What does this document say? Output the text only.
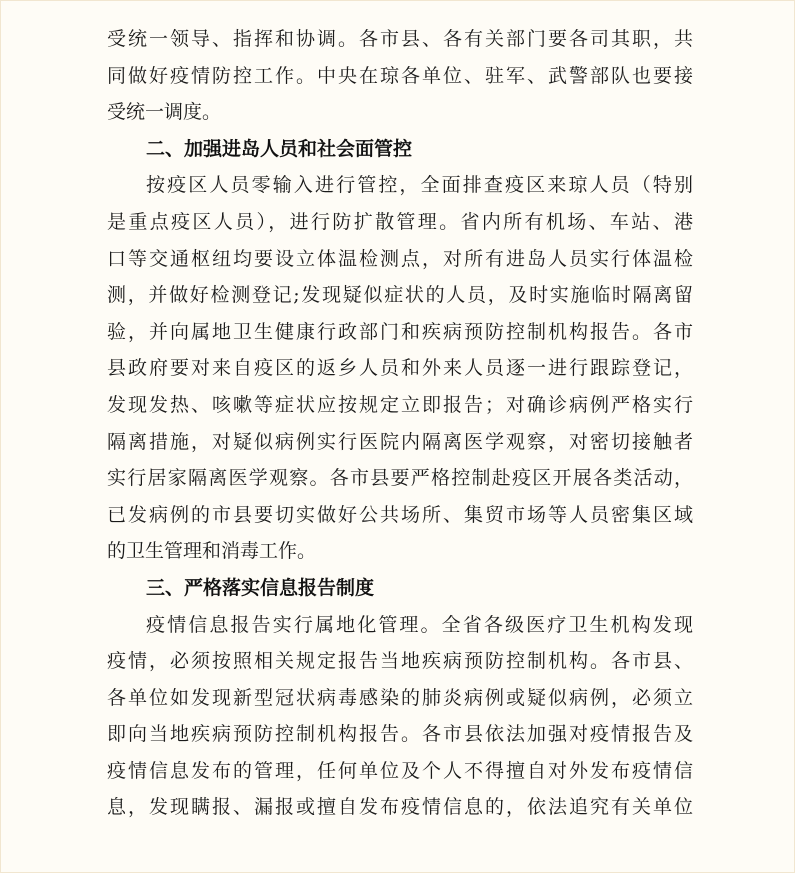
受统一领导、指挥和协调。各市县、各有关部门要各司其职，共
同做好疫情防控工作。中央在琼各单位、驻军、武警部队也要接
受统一调度。
二、加强进岛人员和社会面管控
按疫区人员零输入进行管控，全面排查疫区来琼人员（特别
是重点疫区人员），进行防扩散管理。省内所有机场、车站、港
口等交通枢纽均要设立体温检测点，对所有进岛人员实行体温检
测，并做好检测登记;发现疑似症状的人员，及时实施临时隔离留
验，并向属地卫生健康行政部门和疾病预防控制机构报告。各市
县政府要对来自疫区的返乡人员和外来人员逐一进行跟踪登记，
发现发热、咳嗽等症状应按规定立即报告；对确诊病例严格实行
隔离措施，对疑似病例实行医院内隔离医学观察，对密切接触者
实行居家隔离医学观察。各市县要严格控制赴疫区开展各类活动，
已发病例的市县要切实做好公共场所、集贸市场等人员密集区域
的卫生管理和消毒工作。
三、严格落实信息报告制度
疫情信息报告实行属地化管理。全省各级医疗卫生机构发现
疫情，必须按照相关规定报告当地疾病预防控制机构。各市县、
各单位如发现新型冠状病毒感染的肺炎病例或疑似病例，必须立
即向当地疾病预防控制机构报告。各市县依法加强对疫情报告及
疫情信息发布的管理，任何单位及个人不得擅自对外发布疫情信
息，发现瞒报、漏报或擅自发布疫情信息的，依法追究有关单位
